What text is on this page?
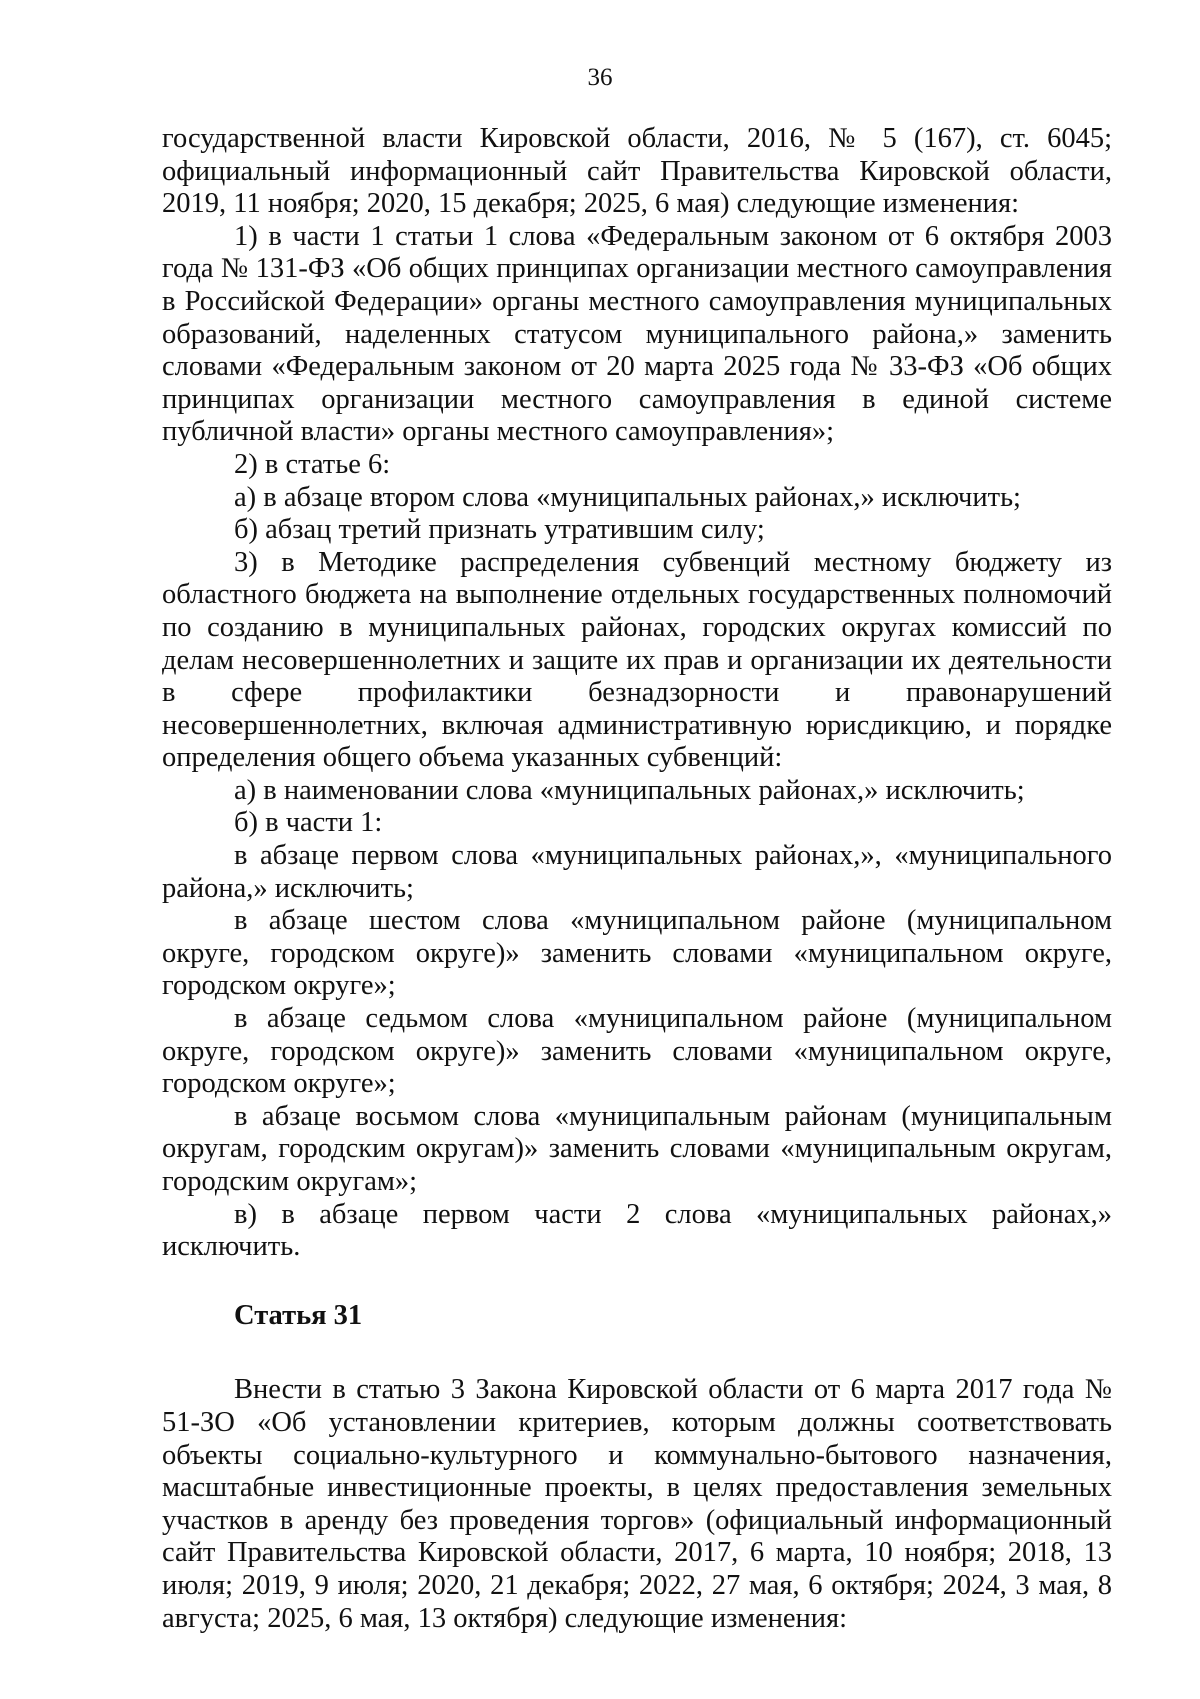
36

государственной власти Кировской области, 2016, № 5 (167), ст. 6045; официальный информационный сайт Правительства Кировской области, 2019, 11 ноября; 2020, 15 декабря; 2025, 6 мая) следующие изменения:

1) в части 1 статьи 1 слова «Федеральным законом от 6 октября 2003 года № 131-ФЗ «Об общих принципах организации местного самоуправления в Российской Федерации» органы местного самоуправления муниципальных образований, наделенных статусом муниципального района,» заменить словами «Федеральным законом от 20 марта 2025 года № 33-ФЗ «Об общих принципах организации местного самоуправления в единой системе публичной власти» органы местного самоуправления»;

2) в статье 6:

а) в абзаце втором слова «муниципальных районах,» исключить;

б) абзац третий признать утратившим силу;

3) в Методике распределения субвенций местному бюджету из областного бюджета на выполнение отдельных государственных полномочий по созданию в муниципальных районах, городских округах комиссий по делам несовершеннолетних и защите их прав и организации их деятельности в сфере профилактики безнадзорности и правонарушений несовершеннолетних, включая административную юрисдикцию, и порядке определения общего объема указанных субвенций:

а) в наименовании слова «муниципальных районах,» исключить;

б) в части 1:

в абзаце первом слова «муниципальных районах,», «муниципального района,» исключить;

в абзаце шестом слова «муниципальном районе (муниципальном округе, городском округе)» заменить словами «муниципальном округе, городском округе»;

в абзаце седьмом слова «муниципальном районе (муниципальном округе, городском округе)» заменить словами «муниципальном округе, городском округе»;

в абзаце восьмом слова «муниципальным районам (муниципальным округам, городским округам)» заменить словами «муниципальным округам, городским округам»;

в) в абзаце первом части 2 слова «муниципальных районах,» исключить.

Статья 31

Внести в статью 3 Закона Кировской области от 6 марта 2017 года № 51-ЗО «Об установлении критериев, которым должны соответствовать объекты социально-культурного и коммунально-бытового назначения, масштабные инвестиционные проекты, в целях предоставления земельных участков в аренду без проведения торгов» (официальный информационный сайт Правительства Кировской области, 2017, 6 марта, 10 ноября; 2018, 13 июля; 2019, 9 июля; 2020, 21 декабря; 2022, 27 мая, 6 октября; 2024, 3 мая, 8 августа; 2025, 6 мая, 13 октября) следующие изменения:
